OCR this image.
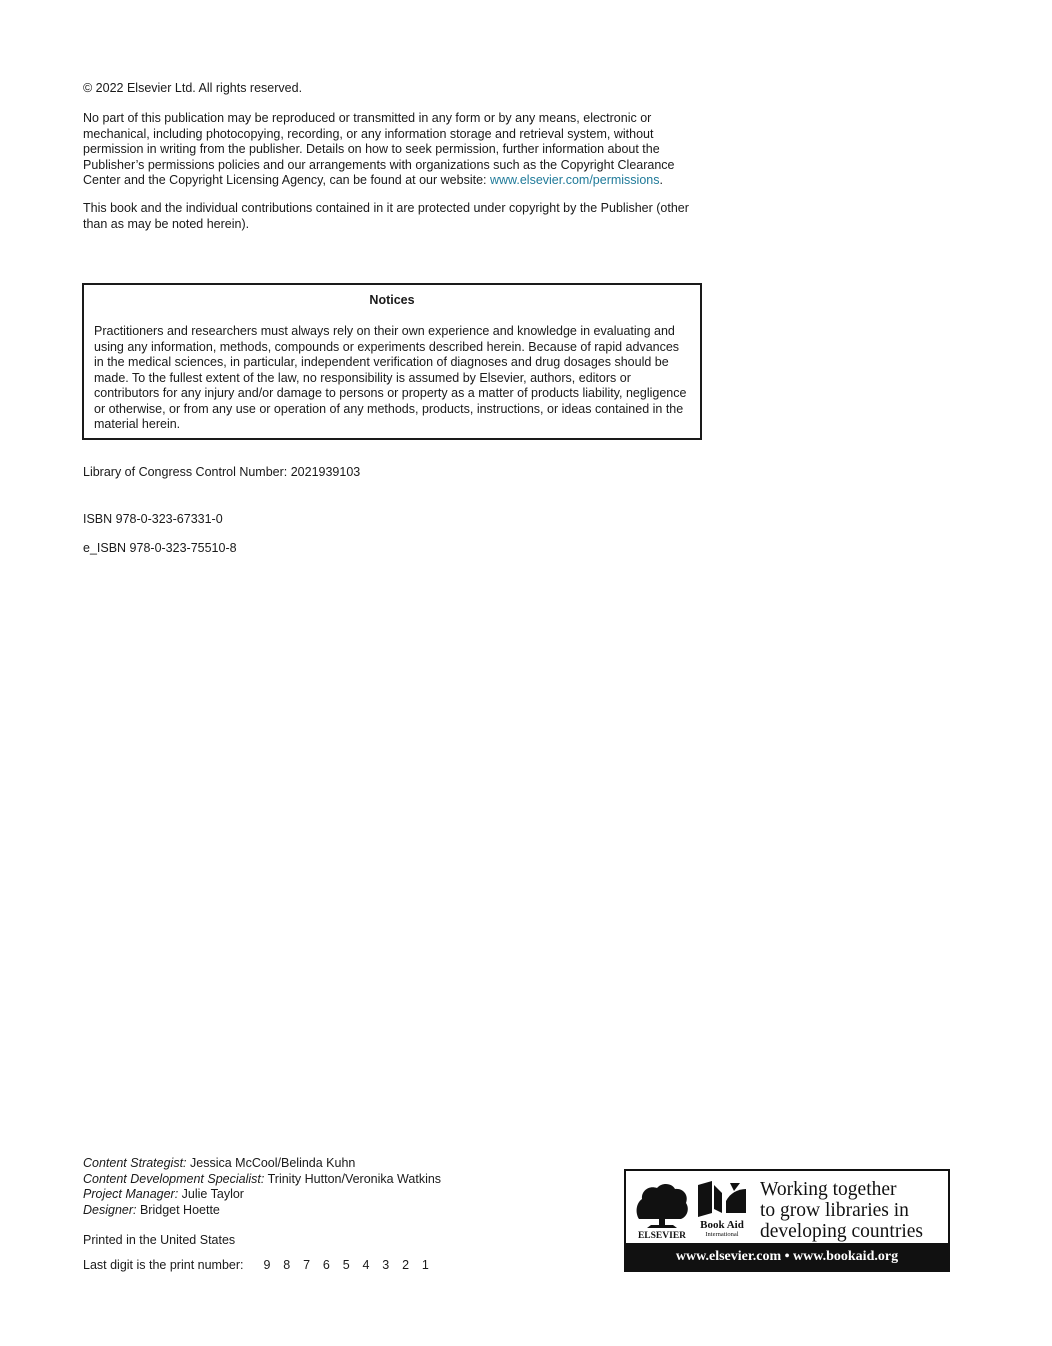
© 2022 Elsevier Ltd. All rights reserved.

No part of this publication may be reproduced or transmitted in any form or by any means, electronic or mechanical, including photocopying, recording, or any information storage and retrieval system, without permission in writing from the publisher. Details on how to seek permission, further information about the Publisher’s permissions policies and our arrangements with organizations such as the Copyright Clearance Center and the Copyright Licensing Agency, can be found at our website: www.elsevier.com/permissions.

This book and the individual contributions contained in it are protected under copyright by the Publisher (other than as may be noted herein).

Notices
Practitioners and researchers must always rely on their own experience and knowledge in evaluating and using any information, methods, compounds or experiments described herein. Because of rapid advances in the medical sciences, in particular, independent verification of diagnoses and drug dosages should be made. To the fullest extent of the law, no responsibility is assumed by Elsevier, authors, editors or contributors for any injury and/or damage to persons or property as a matter of products liability, negligence or otherwise, or from any use or operation of any methods, products, instructions, or ideas contained in the material herein.

Library of Congress Control Number: 2021939103

ISBN 978-0-323-67331-0

e_ISBN 978-0-323-75510-8

Content Strategist: Jessica McCool/Belinda Kuhn
Content Development Specialist: Trinity Hutton/Veronika Watkins
Project Manager: Julie Taylor
Designer: Bridget Hoette

Printed in the United States

Last digit is the print number: 9 8 7 6 5 4 3 2 1

ELSEVIER
Book Aid
International
Working together
to grow libraries in
developing countries
www.elsevier.com • www.bookaid.org
